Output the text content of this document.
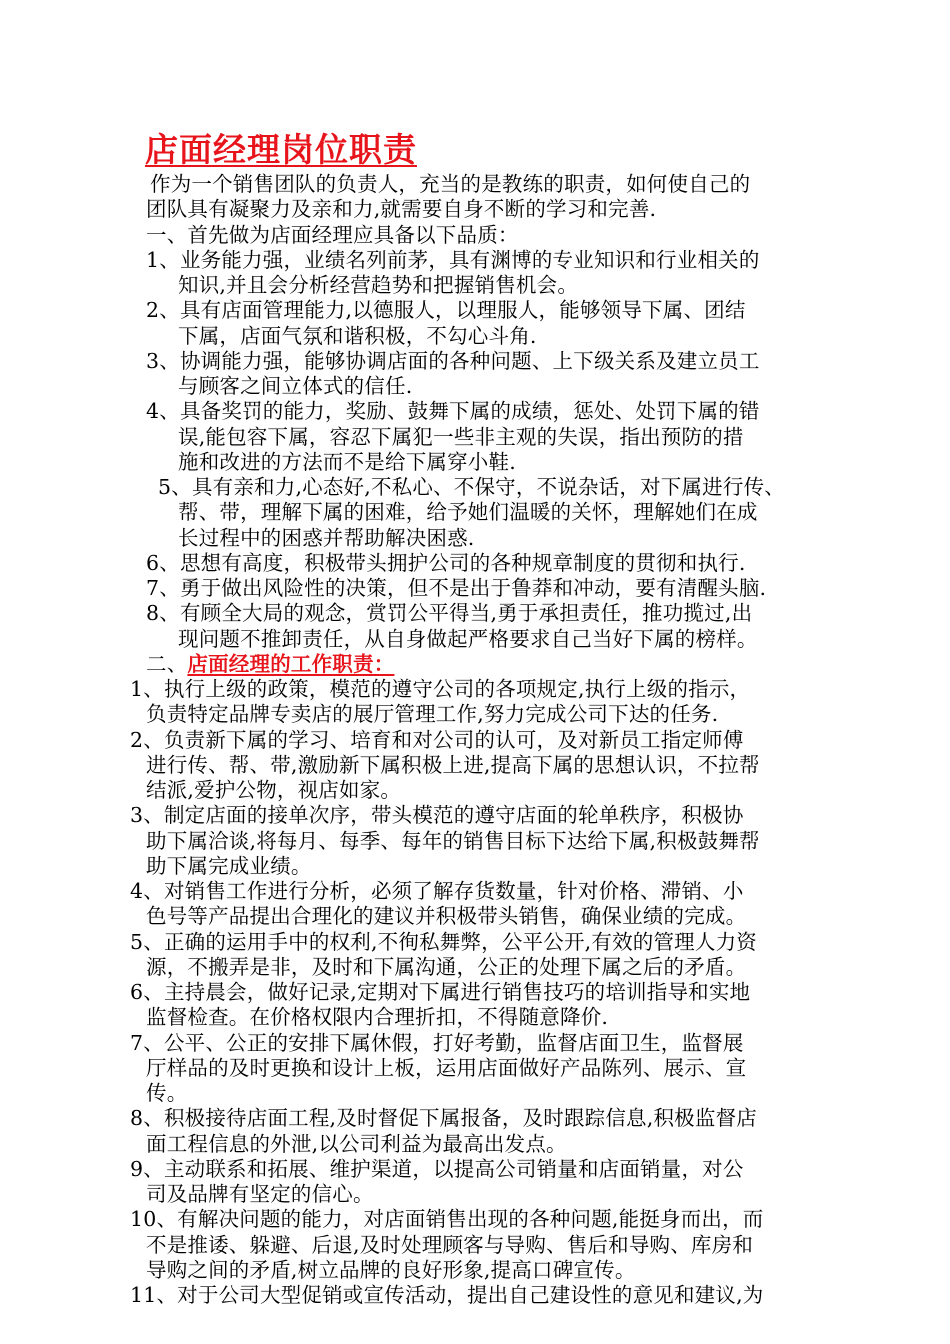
店面经理岗位职责
作为一个销售团队的负责人，充当的是教练的职责，如何使自己的
团队具有凝聚力及亲和力,就需要自身不断的学习和完善.
一、首先做为店面经理应具备以下品质：
1、业务能力强，业绩名列前茅，具有渊博的专业知识和行业相关的
知识,并且会分析经营趋势和把握销售机会。
2、具有店面管理能力,以德服人，以理服人，能够领导下属、团结
下属，店面气氛和谐积极，不勾心斗角.
3、协调能力强，能够协调店面的各种问题、上下级关系及建立员工
与顾客之间立体式的信任.
4、具备奖罚的能力，奖励、鼓舞下属的成绩，惩处、处罚下属的错
误,能包容下属，容忍下属犯一些非主观的失误，指出预防的措
施和改进的方法而不是给下属穿小鞋.
5、具有亲和力,心态好,不私心、不保守，不说杂话，对下属进行传、
帮、带，理解下属的困难，给予她们温暖的关怀，理解她们在成
长过程中的困惑并帮助解决困惑.
6、思想有高度，积极带头拥护公司的各种规章制度的贯彻和执行.
7、勇于做出风险性的决策，但不是出于鲁莽和冲动，要有清醒头脑.
8、有顾全大局的观念，赏罚公平得当,勇于承担责任，推功揽过,出
现问题不推卸责任，从自身做起严格要求自己当好下属的榜样。
二、店面经理的工作职责：
1、执行上级的政策，模范的遵守公司的各项规定,执行上级的指示，
负责特定品牌专卖店的展厅管理工作,努力完成公司下达的任务.
2、负责新下属的学习、培育和对公司的认可，及对新员工指定师傅
进行传、帮、带,激励新下属积极上进,提高下属的思想认识，不拉帮
结派,爱护公物，视店如家。
3、制定店面的接单次序，带头模范的遵守店面的轮单秩序，积极协
助下属洽谈,将每月、每季、每年的销售目标下达给下属,积极鼓舞帮
助下属完成业绩。
4、对销售工作进行分析，必须了解存货数量，针对价格、滞销、小
色号等产品提出合理化的建议并积极带头销售，确保业绩的完成。
5、正确的运用手中的权利,不徇私舞弊，公平公开,有效的管理人力资
源，不搬弄是非，及时和下属沟通，公正的处理下属之后的矛盾。
6、主持晨会，做好记录,定期对下属进行销售技巧的培训指导和实地
监督检查。在价格权限内合理折扣，不得随意降价.
7、公平、公正的安排下属休假，打好考勤，监督店面卫生，监督展
厅样品的及时更换和设计上板，运用店面做好产品陈列、展示、宣
传。
8、积极接待店面工程,及时督促下属报备，及时跟踪信息,积极监督店
面工程信息的外泄,以公司利益为最高出发点。
9、主动联系和拓展、维护渠道，以提高公司销量和店面销量，对公
司及品牌有坚定的信心。
10、有解决问题的能力，对店面销售出现的各种问题,能挺身而出，而
不是推诿、躲避、后退,及时处理顾客与导购、售后和导购、库房和
导购之间的矛盾,树立品牌的良好形象,提高口碑宣传。
11、对于公司大型促销或宣传活动，提出自己建设性的意见和建议,为
